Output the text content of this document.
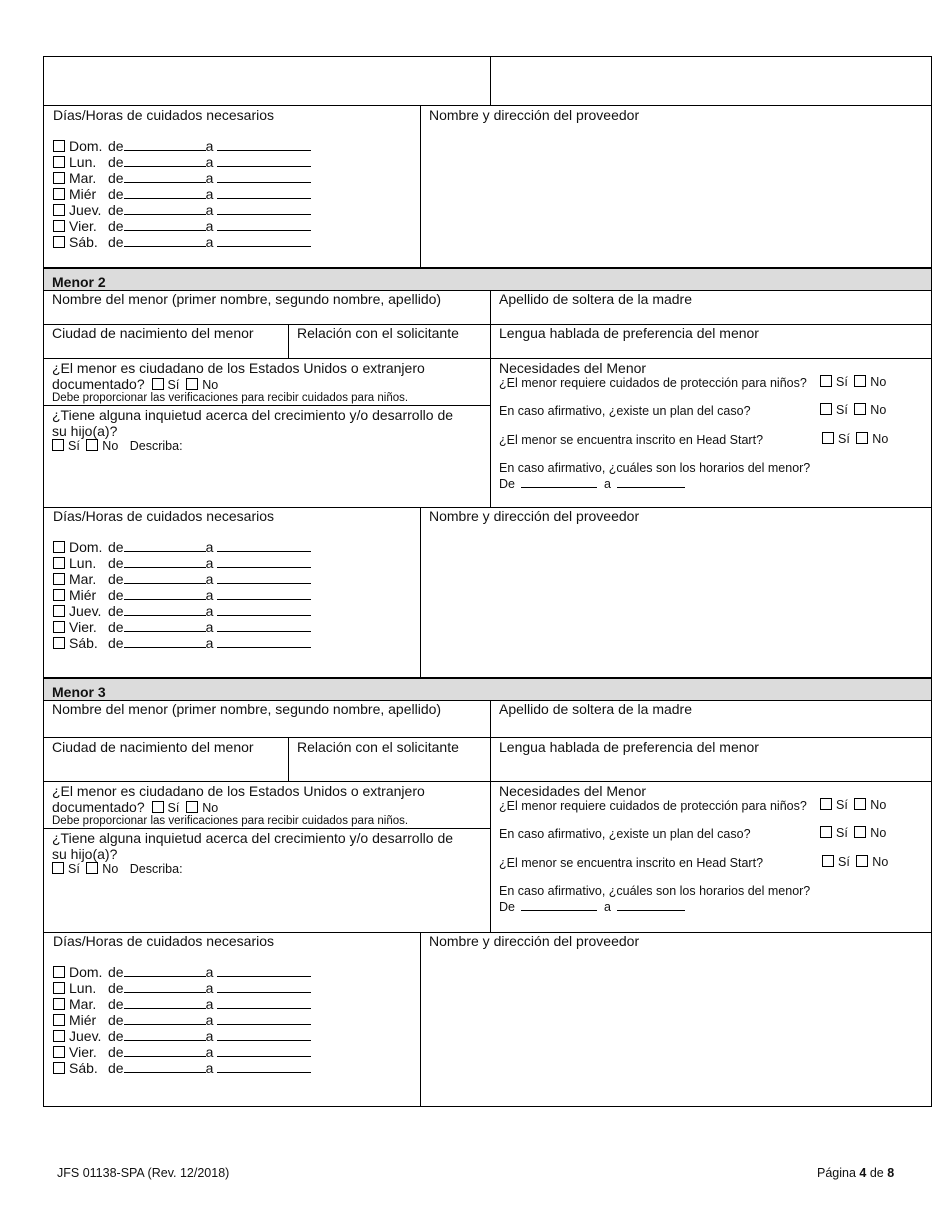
Días/Horas de cuidados necesarios	Nombre y dirección del proveedor
Dom. de	a
Lun. de	a
Mar. de	a
Miér de	a
Juev. de	a
Vier. de	a
Sáb. de	a
Menor 2
Nombre del menor (primer nombre, segundo nombre, apellido)	Apellido de soltera de la madre
Ciudad de nacimiento del menor	Relación con el solicitante	Lengua hablada de preferencia del menor
¿El menor es ciudadano de los Estados Unidos o extranjero
documentado? Sí No
Debe proporcionar las verificaciones para recibir cuidados para niños.
¿Tiene alguna inquietud acerca del crecimiento y/o desarrollo de
su hijo(a)?
Sí No Describa:
Necesidades del Menor
¿El menor requiere cuidados de protección para niños?	Sí No
En caso afirmativo, ¿existe un plan del caso?	Sí No
¿El menor se encuentra inscrito en Head Start?	Sí No
En caso afirmativo, ¿cuáles son los horarios del menor?
De	a
Días/Horas de cuidados necesarios	Nombre y dirección del proveedor
Dom. de	a
Lun. de	a
Mar. de	a
Miér de	a
Juev. de	a
Vier. de	a
Sáb. de	a
Menor 3
Nombre del menor (primer nombre, segundo nombre, apellido)	Apellido de soltera de la madre
Ciudad de nacimiento del menor	Relación con el solicitante	Lengua hablada de preferencia del menor
¿El menor es ciudadano de los Estados Unidos o extranjero
documentado? Sí No
Debe proporcionar las verificaciones para recibir cuidados para niños.
¿Tiene alguna inquietud acerca del crecimiento y/o desarrollo de
su hijo(a)?
Sí No Describa:
Necesidades del Menor
¿El menor requiere cuidados de protección para niños?	Sí No
En caso afirmativo, ¿existe un plan del caso?	Sí No
¿El menor se encuentra inscrito en Head Start?	Sí No
En caso afirmativo, ¿cuáles son los horarios del menor?
De	a
Días/Horas de cuidados necesarios	Nombre y dirección del proveedor
Dom. de	a
Lun. de	a
Mar. de	a
Miér de	a
Juev. de	a
Vier. de	a
Sáb. de	a
JFS 01138-SPA (Rev. 12/2018)	Página 4 de 8
